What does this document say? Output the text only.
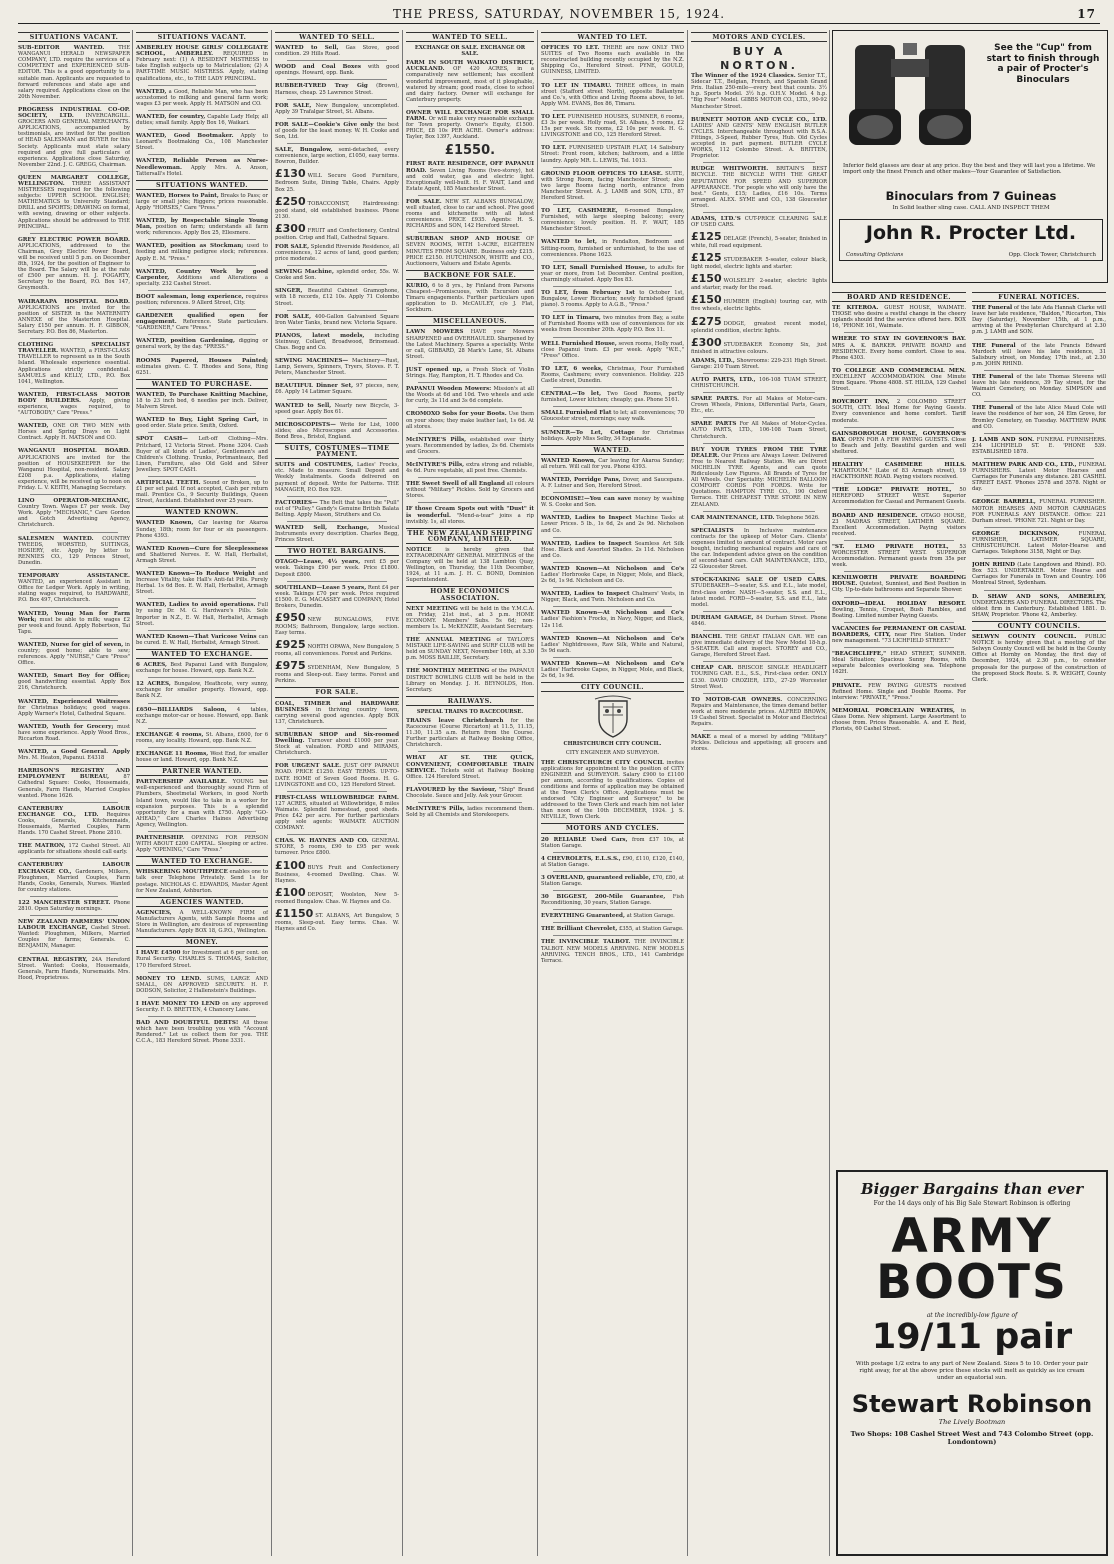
THE PRESS, SATURDAY, NOVEMBER 15, 1924.	17
SITUATIONS VACANT.
SUB-EDITOR WANTED.	THE WANGANUI HERALD NEWSPAPER COMPANY, LTD. require the services of a COMPETENT and EXPERIENCED SUB-EDITOR. This is a good opportunity to a suitable man. Applicants are requested to forward references and state age and salary required. Applications close on the 20th November.
PROGRESS INDUSTRIAL CO-OP. SOCIETY, LTD. INVERCARGILL. GROCERS AND GENERAL MERCHANTS. APPLICATIONS, accompanied by testimonials, are invited for the position of HEAD SALESMAN and BUYER for this Society. Applicants must state salary required and give full particulars of experience. Applications close Saturday, November 22nd. J. C. GREGG, Chairman.
QUEEN MARGARET COLLEGE, WELLINGTON. THREE ASSISTANT MISTRESSES required for the following subjects: UPPER SCHOOL ENGLISH; MATHEMATICS to University Standard; DRILL and SPORTS; DRAWING on formal, with sewing, drawing or other subjects. Applications should be addressed to THE PRINCIPAL.
GREY ELECTRIC POWER BOARD. APPLICATIONS, addressed to the Chairman, Grey Electric Power Board, will be received until 5 p.m. on December 8th, 1924, for the position of Engineer to the Board. The Salary will be at the rate of £500 per annum. H. J. FOGARTY, Secretary to the Board, P.O. Box 147, Greymouth.
WAIRARAPA HOSPITAL BOARD. APPLICATIONS are invited for the position of SISTER in the MATERNITY ANNEXE of the Masterton Hospital. Salary £150 per annum. H. F. GIBBON, Secretary. P.O. Box 86, Masterton.
CLOTHING SPECIALIST TRAVELLER. WANTED, a FIRST-CLASS TRAVELLER to represent us in the South Island. Wholesale experience essential. Applications strictly confidential. SAMUELS and KELLY, LTD., P.O. Box 1041, Wellington.
WANTED, FIRST-CLASS MOTOR BODY BUILDERS. Apply, giving experience, wages required, to "AUTOBODY," Care "Press."
WANTED, ONE OR TWO MEN with Horses and Spring Drays on Light Contract. Apply H. MATSON and CO.
WANGANUI HOSPITAL BOARD. APPLICATIONS are invited for the position of HOUSEKEEPER for the Wanganui Hospital, non-resident. Salary £208 p.a. Applications, stating experience, will be received up to noon on Friday. L. V. KEITH, Managing Secretary.
LINO OPERATOR-MECHANIC, Country Town. Wages £7 per week. Day Work. Apply "MECHANIC," Care Gordon and Gotch Advertising Agency, Christchurch.
SALESMEN WANTED. COUNTRY TWEEDS, WORSTED, SUITINGS, HOSIERY, etc. Apply by letter to RENNIES CO., 129 Princes Street, Dunedin.
TEMPORARY ASSISTANCE. WANTED, an experienced Assistant in Office for Ledger Work. Apply in writing, stating wages required, to HARDWARE, P.O. Box 497, Christchurch.
WANTED, Young Man for Farm Work; must be able to milk; wages £2 per week and found. Apply Robertson, Tai Tapu.
WANTED, Nurse for girl of seven, in country; good home; able to sew; references. Apply "NURSE," Care "Press" Office.
WANTED, Smart Boy for Office; good handwriting essential. Apply Box 216, Christchurch.
WANTED, Experienced Waitresses for Christmas holidays; good wages. Apply Warner's Hotel, Cathedral Square.
WANTED, Youth for Grocery; must have some experience. Apply Wood Bros., Riccarton Road.
WANTED, a Good General. Apply Mrs. M. Heaton, Papanui. E4318
HARRISON'S REGISTRY AND EMPLOYMENT BUREAU,	87 Cathedral Square: Cooks, Housemaids, Generals, Farm Hands, Married Couples wanted. Phone 1626.
CANTERBURY LABOUR EXCHANGE CO., LTD. Requires Cooks, Generals, Kitchenmaids, Housemaids, Married Couples, Farm Hands. 170 Cashel Street. Phone 2810.
THE MATRON, 172 Cashel Street. All applicants for situations should call early.
CANTERBURY LABOUR EXCHANGE CO., Gardeners, Milkers, Ploughmen, Married Couples, Farm Hands, Cooks, Generals, Nurses. Wanted for country stations.
122 MANCHESTER STREET. Phone 2810. Open Saturday mornings.
NEW ZEALAND FARMERS' UNION LABOUR EXCHANGE, Cashel Street. Wanted: Ploughmen, Milkers, Married Couples for farms; Generals. C. BENJAMIN, Manager.
CENTRAL REGISTRY, 24A Hereford Street. Wanted: Cooks, Housemaids, Generals, Farm Hands, Nursemaids. Mrs. Hood, Proprietress.
SITUATIONS VACANT.
AMBERLEY HOUSE GIRLS' COLLEGIATE SCHOOL, AMBERLEY. REQUIRED in February next: (1) A RESIDENT MISTRESS to take English subjects up to Matriculation; (2) A PART-TIME MUSIC MISTRESS. Apply, stating qualifications, etc., to THE LADY PRINCIPAL.
WANTED, a Good, Reliable Man, who has been accustomed to milking and general farm work; wages £3 per week. Apply H. MATSON and CO.
WANTED, for country, Capable Lady Help; all duties; small family. Apply Box 16, Waikari.
WANTED, Good Bootmaker. Apply to Leonard's Bootmaking Co., 108 Manchester Street.
WANTED, Reliable Person as Nurse-Needlewoman. Apply Mrs. A. Anson, Tattersall's Hotel.
SITUATIONS WANTED.
WANTED, Horses to Paint, Breaks to Pass; or large or small jobs; Riggers; prices reasonable. Apply "HORSES," Care "Press."
WANTED, by Respectable Single Young Man, position on farm; understands all farm work; references. Apply Box 25, Ellesmere.
WANTED, position as Stockman; used to feeding and milking pedigree stock; references. Apply E. M. "Press."
WANTED, Country Work by good Carpenter, Additions and Alterations a specialty. 232 Cashel Street.
BOOT salesman, long experience, requires position; references. 9 Allerd Street, City.
GARDENER qualified open for engagement. Reference. State particulars. "GARDENER," Care "Press."
WANTED, position Gardening, digging or general work, by the day. "PRESS."
ROOMS Papered, Houses Painted; estimates given. C. T. Rhodes and Sons, Ring 6251.
WANTED TO PURCHASE.
WANTED, To Purchase Knitting Machine, 18 to 23 inch bed, 6 needles per inch. Deliver, Malvern Street.
WANTED to Buy, Light Spring Cart, in good order. State price. Smith, Oxford.
SPOT CASH— Left-off Clothing—Mrs. Pritchard, 12 Victoria Street. Phone 3204. Cash Buyer of all kinds of Ladies', Gentlemen's and Children's Clothing. Trunks, Portmanteaux, Bed Linen, Furniture, also Old Gold and Silver Jewellery. SPOT CASH.
ARTIFICIAL TEETH. Sound or Broken, up to £1 per set paid. If not accepted, Cash per return mail. Prentice Co., 9 Security Buildings, Queen Street, Auckland. Established over 25 years.
WANTED KNOWN.
WANTED Known, Car leaving for Akaroa Sunday, 18th; room for four or six passengers. Phone 4393.
WANTED Known—Cure for Sleeplessness and Shattered Nerves. E. W. Hall, Herbalist, Armagh Street.
WANTED Known—To Reduce Weight and Increase Vitality, take Hall's Anti-fat Pills. Purely Herbal. 1s 6d Box. E. W. Hall, Herbalist, Armagh Street.
WANTED, Ladies to avoid operations. Full by using Dr. M. G. Hardware's Pills. Sole Importer in N.Z., E. W. Hall, Herbalist, Armagh Street.
WANTED Known—That Varicose Veins can be cured. E. W. Hall, Herbalist, Armagh Street.
WANTED TO EXCHANGE.
6 ACRES, Best Papanui Land with Bungalow, exchange for house. Howard, opp. Bank N.Z.
12 ACRES, Bungalow, Heathcote, very sunny, exchange for smaller property. Howard, opp. Bank N.Z.
£650—BILLIARDS Saloon, 4 tables, exchange motor-car or house. Howard, opp. Bank N.Z.
EXCHANGE 4 rooms, St. Albans, £600, for 6 rooms, any locality. Howard, opp. Bank N.Z.
EXCHANGE 11 Rooms, West End, for smaller house or land. Howard, opp. Bank N.Z.
PARTNER WANTED.
PARTNERSHIP AVAILABLE. YOUNG but well-experienced and thoroughly sound Firm of Plumbers, Sheetmetal Workers, in good North Island town, would like to take in a worker for expansion purposes. This is a splendid opportunity for a man with £750. Apply "GO-AHEAD," Care Charles Haines Advertising Agency, Wellington.
PARTNERSHIP. OPENING FOR PERSON WITH ABOUT £200 CAPITAL. Sleeping or active. Apply "OPENING," Care "Press."
WANTED TO EXCHANGE.
WHISKERING MOUTHPIECE enables one to talk over Telephone Privately. Send 1s for postage. NICHOLAS C. EDWARDS, Master Agent for New Zealand, Ashburton.
AGENCIES WANTED.
AGENCIES, A WELL-KNOWN FIRM of Manufacturers Agents, with Sample Rooms and Store in Wellington, are desirous of representing Manufacturers. Apply BOX 18, G.P.O., Wellington.
MONEY.
I HAVE £4500 for Investment at 6 per cent. on Rural Security. CHARLES S. THOMAS, Solicitor, 170 Hereford Street.
MONEY TO LEND. SUMS, LARGE AND SMALL, ON APPROVED SECURITY. H. F. DODSON, Solicitor, 2 Hallenstein's Buildings.
I HAVE MONEY TO LEND on any approved Security. F. D. BRETTEN, 4 Chancery Lane.
BAD AND DOUBTFUL DEBTS! All those which have been troubling you with "Account Rendered." Let us collect them for you. THE C.C.A., 183 Hereford Street. Phone 3331.
WANTED TO SELL.
WANTED to Sell, Gas Stove, good condition. 29 Hills Road.
WOOD and Coal Boxes with good openings. Howard, opp. Bank.
RUBBER-TYRED Tray Gig (Brown), Harness, cheap. 25 Lawrence Street.
FOR SALE, New Bungalow, uncompleted. Apply 39 Trafalgar Street, St. Albans.
FOR SALE—Cookie's Give only the best of goods for the least money. W. H. Cooke and Son, Ltd.
SALE, Bungalow, semi-detached, every convenience, large section, £1050, easy terms. Bowron, Builder.
£130 WILL Secure Good Furniture, Bedroom Suite, Dining Table, Chairs. Apply Box 25.
£250 TOBACCONIST, Hairdressing: good stand, old established business. Phone 2130.
£300 FRUIT and Confectionery, Central position. Crisp and Hall, Cathedral Square.
FOR SALE, Splendid Riverside Residence, all conveniences, 12 acres of land, good garden; price moderate.
SEWING Machine, splendid order, 55s. W. Cooke and Son.
SINGER, Beautiful Cabinet Gramophone, with 18 records, £12 10s. Apply 71 Colombo Street.
FOR SALE, 400-Gallon Galvanised Square Iron Water Tanks, brand new. Victoria Square.
PIANOS, latest models, including Steinway, Collard, Broadwood, Brinsmead. Chas. Begg and Co.
SEWING MACHINES— Machinery—Rust, Lamp, Sewers, Spinners, Tryers, Stoves. F. T. Peters, Manchester Street.
BEAUTIFUL Dinner Set, 97 pieces, new, £6. Apply 14 Latimer Square.
WANTED to Sell, Nearly new Bicycle, 3-speed gear. Apply Box 61.
MICROSCOPISTS— Write for List, 1000 slides; also Microscopes and Accessories. Bond Bros., Bristol, England.
SUITS, COSTUMES—TIME PAYMENT.
SUITS and COSTUMES, Ladies' Frocks, etc. Made to measure. Small Deposit and Weekly Instalments. Goods delivered on payment of deposit. Write for Patterns. THE MANAGER, P.O. Box 929.
FACTORIES— The Belt that takes the "Pull" out of "Pulley." Gandy's Genuine British Balata Belting. Apply Mason, Struthers and Co.
WANTED Sell, Exchange, Musical Instruments every description. Charles Begg, Princes Street.
TWO HOTEL BARGAINS.
OTAGO—Lease, 4½ years, rent £5 per week. Takings £90 per week. Price £1800. Deposit £800.
SOUTHLAND—Lease 5 years, Rent £4 per week. Takings £70 per week. Price required £1500. E. G. MACASSEY and COMPANY, Hotel Brokers, Dunedin.
£950 NEW BUNGALOWS, FIVE ROOMS; Bathroom, Bungalow, large section. Easy terms.
£925 NORTH OPAWA, New Bungalow, 5 rooms, all conveniences. Forest and Perkins.
£975 SYDENHAM, New Bungalow, 5 rooms and Sleep-out. Easy terms. Forest and Perkins.
FOR SALE.
COAL, TIMBER and HARDWARE BUSINESS in thriving country town, carrying several good agencies. Apply BOX 137, Christchurch.
SUBURBAN SHOP and Six-roomed Dwelling. Turnover about £1000 per year. Stock at valuation. FORD and MIRAMS, Christchurch.
FOR URGENT SALE. JUST OFF PAPANUI ROAD. PRICE £1250. EASY TERMS. UP-TO-DATE HOME of Seven Good Rooms. H. G. LIVINGSTONE and CO., 125 Hereford Street.
FIRST-CLASS WILLOWBRIDGE FARM. 127 ACRES, situated at Willowbridge, 8 miles Waimate. Splendid homestead, good sheds. Price £42 per acre. For further particulars apply sole agents: WAIMATE AUCTION COMPANY.
CHAS. W. HAYNES AND CO. GENERAL STORE, 5 rooms, £90 to £95 per week turnover. Price £800.
£100 BUYS Fruit and Confectionery Business, 4-roomed Dwelling. Chas. W. Haynes.
£100 DEPOSIT, Woolston, New 5-roomed Bungalow. Chas. W. Haynes and Co.
£1150 ST. ALBANS, Art Bungalow, 5 rooms, Sleep-out. Easy terms. Chas. W. Haynes and Co.
WANTED TO SELL.
EXCHANGE OR SALE. EXCHANGE OR SALE.
FARM IN SOUTH WAIKATO DISTRICT, AUCKLAND. OF 420 ACRES, in a comparatively new settlement; has excellent wonderful improvement, most of it ploughable, watered by stream; good roads, close to school and dairy factory. Owner will exchange for Canterbury property.
OWNER WILL EXCHANGE FOR SMALL FARM. Or will make very reasonable exchange for Town property. Owner's Equity, £1500. PRICE, £8 10s PER ACRE. Owner's address: Tayler, Box 1397, Auckland.
£1550.
FIRST RATE RESIDENCE, OFF PAPANUI ROAD. Seven Living Rooms (two-storey), hot and cold water, gas and electric light. Exceptionally well-built. H. F. WAIT, Land and Estate Agent, 185 Manchester Street.
FOR SALE. NEW ST. ALBANS BUNGALOW, well situated, close to car and school. Five good rooms and kitchenette with all latest conveniences. PRICE £935. Agents: H. S. RICHARDS and SON, 142 Hereford Street.
SUBURBAN SHOP AND HOUSE OF SEVEN ROOMS, WITH 1-ACRE, EIGHTEEN MINUTES FROM SQUARE. Business only £215. PRICE £2150. HUTCHINSON, WHITE and CO., Auctioneers, Valuers and Estate Agents.
BACKBONE FOR SALE.
KURIO, 6 to 8 yrs., by Finland from Parsons Cheapest—Promiscuous, with Excursion and Timaru engagements. Further particulars upon application to D. McCAULEY, c/o J. Flat, Sockburn.
MISCELLANEOUS.
LAWN MOWERS HAVE your Mowers SHARPENED and OVERHAULED. Sharpened by the Latest Machinery. Spares a speciality. Write or call, GIBBARD, 28 Mark's Lane, St. Albans Street.
JUST opened up, a Fresh Stock of Violin Strings. Hay, Rampton, H. T. Rhodes and Co.
PAPANUI Wooden Mowers: Mission's at all the Woods at 6d and 10d. Two wheels and axle for curly, 3s 11d and 3s 6d complete.
CROMOXO Sobs for your Boots. Use them on your shoes; they make leather last, 1s 6d. At all stores.
McINTYRE'S Pills, established over thirty years. Recommended by ladies, 2s 6d. Chemists and Grocers.
McINTYRE'S Pills, extra strong and reliable, 4s 6d. Pure vegetable, all post free. Chemists.
THE Sweet Swell of all England all colours without "Military" Pickles. Sold by Grocers and Stores.
IF those Cream Spots out with "Dust" it is wonderful. "Mend-a-tear" joins a rip invisibly. 1s, all stores.
THE NEW ZEALAND SHIPPING COMPANY, LIMITED.
NOTICE	is hereby given that EXTRAORDINARY GENERAL MEETINGS of the Company will be held at 138 Lambton Quay, Wellington, on Thursday, the 11th December, 1924, at 11 a.m. J. H. C. BOND, Dominion Superintendent.
HOME ECONOMICS ASSOCIATION.
NEXT MEETING will be held in the Y.M.C.A. on Friday, 21st inst., at 3 p.m. HOME ECONOMY. Members' Subs. 5s 6d; non-members 1s. L. McKENZIE, Assistant Secretary.
THE ANNUAL MEETING of TAYLOR'S MISTAKE LIFE-SAVING and SURF CLUB will be held on SUNDAY NEXT, November 16th, at 3.30 p.m. MOSS BAILLIE, Secretary.
THE MONTHLY MEETING of the PAPANUI DISTRICT BOWLING CLUB will be held in the Library on Monday. J. H. BEYNOLDS, Hon. Secretary.
RAILWAYS.
SPECIAL TRAINS TO RACECOURSE.
TRAINS leave Christchurch for the Racecourse (Course Riccarton) at 11.5, 11.15, 11.30, 11.35 a.m. Return from the Course. Further particulars at Railway Booking Office, Christchurch.
WHAT AT ST. THE QUICK, CONVENIENT, COMFORTABLE TRAIN SERVICE. Tickets sold at Railway Booking Office. 124 Hereford Street.
FLAVOURED by the Saviour, "Ship" Brand Chocolate. Sauce and Jelly. Ask your Grocer.
McINTYRE'S Pills, ladies recommend them. Sold by all Chemists and Storekeepers.
WANTED TO LET.
OFFICES TO LET. THERE are now ONLY TWO SUITES of Two Rooms each available in the reconstructed building recently occupied by the N.Z. Shipping Co., Hereford Street. PYNE, GOULD, GUINNESS, LIMITED.
TO LET IN TIMARU. THREE offices, in main street (Stafford street North), opposite Ballantyne and Co.'s, with Office and Living Rooms above, to let. Apply WM. EVANS, Box 86, Timaru.
TO LET. FURNISHED HOUSES, SUMNER, 6 rooms, £3 3s per week. Holly road, St. Albans, 5 rooms, £2 15s per week. Six rooms, £2 10s per week. H. G. LIVINGSTONE and CO., 125 Hereford Street.
TO LET. FURNISHED UPSTAIR FLAT, 14 Salisbury Street: Front room, kitchen; bathroom, and a little laundry. Apply MR. L. LEWIS, Tel. 1013.
GROUND FLOOR OFFICES TO LEASE. SUITE, with Strong Room, facing Manchester Street; also two large Rooms facing north, entrance from Manchester Street. A. J. LAMB and SON, LTD., 87 Hereford Street.
TO LET, CASHMERE, 6-roomed Bungalow, Furnished, with large sleeping balcony; every convenience; lovely position. H. F. WAIT, 185 Manchester Street.
WANTED to let, in Fendalton, Bedroom and Sitting-room, furnished or unfurnished, to the use of conveniences. Phone 1623.
TO LET, Small Furnished House, to adults for year or more, from 1st December. Central position, charmingly situated. Apply Box 83.
TO LET, from February 1st to October 1st, Bungalow, Lower Riccarton; newly furnished (grand piano). 5 rooms. Apply to A.G.B., "Press."
TO LET in Timaru, two minutes from Bay, a suite of Furnished Rooms with use of conveniences for six weeks from December 20th. Apply P.O. Box 11.
WELL Furnished House, seven rooms, Holly road, close Papanui tram. £3 per week. Apply "W.E.," "Press" Office.
TO LET, 6 weeks, Christmas, Four Furnished Rooms, Cashmere; every convenience. Holiday. 225 Castle street, Dunedin.
CENTRAL—To let, Two Good Rooms, partly furnished, Lower kitchen; cheaply; gas. Phone 5161.
SMALL Furnished Flat to let; all conveniences; 70 Gloucester street, mornings; easy walk.
SUMNER—To Let, Cottage for Christmas holidays. Apply Miss Selby, 34 Esplanade.
WANTED.
WANTED Known, Car leaving for Akaroa Sunday; all return. Will call for you. Phone 4393.
WANTED, Porridge Pans, Dover, and Saucepans. A. F. Lutner and Son, Hereford Street.
ECONOMISE!—You can save money by washing W. S. Cooke and Son.
WANTED, Ladies to Inspect Machine Tasks at Lower Prices. 5 lb., 1s 6d, 2s and 2s 9d. Nicholson and Co.
WANTED, Ladies to Inspect Seamless Art Silk Hose. Black and Assorted Shades. 2s 11d. Nicholson and Co.
WANTED Known—At Nicholson and Co's Ladies' Horbrooke Cape, in Nigger, Mole, and Black, 2s 6d, 1s 9d. Nicholson and Co.
WANTED, Ladies to Inspect Chalmers' Vests, in Nigger, Black, and Twin. Nicholson and Co.
WANTED Known—At Nicholson and Co's Ladies' Fashion's Frocks, in Navy, Nigger, and Black, 12s 11d.
WANTED Known—At Nicholson and Co's Ladies' Nightdresses, Raw Silk, White and Natural, 5s 9d each.
WANTED Known—At Nicholson and Co's Ladies' Harbrooke Capes, in Nigger, Mole, and Black, 2s 6d, 1s 9d.
CITY COUNCIL.
CHRISTCHURCH CITY COUNCIL.
CITY ENGINEER AND SURVEYOR.
THE CHRISTCHURCH CITY COUNCIL invites applications for appointment to the position of CITY ENGINEER and SURVEYOR. Salary £900 to £1100 per annum, according to qualifications. Copies of conditions and forms of application may be obtained at the Town Clerk's Office. Applications must be endorsed "City Engineer and Surveyor," to be addressed to the Town Clerk and reach him not later than noon of the 10th DECEMBER, 1924. J. S. NEVILLE, Town Clerk.
MOTORS AND CYCLES.
20 RELIABLE Used Cars, from £37 10s, at Station Garage.
4 CHEVROLETS, E.L.S.S., £90, £110, £120, £140, at Station Garage.
3 OVERLAND, guaranteed reliable, £70, £80, at Station Garage.
30 BIGGEST, 200-Mile Guarantee, Fish Reconditioning, 30 years, Station Garage.
EVERYTHING Guaranteed, at Station Garage.
THE Brilliant Chevrolet, £355, at Station Garage.
THE INVINCIBLE TALBOT. THE INVINCIBLE TALBOT. NEW MODELS ARRIVING. NEW MODELS ARRIVING. TENCH BROS., LTD., 141 Cambridge Terrace.
MOTORS AND CYCLES.
BUY A NORTON.
The Winner of the 1924 Classics. Senior T.T., Sidecar T.T., Belgian, French, and Spanish Grand Prix. Italian 250-mile—every best that counts. 3½ h.p. Sports Model. 3½ h.p. O.H.V. Model. 4 h.p. "Big Four" Model. GIBBS MOTOR CO., LTD., 90-92 Manchester Street.
BURNETT MOTOR AND CYCLE CO., LTD. LADIES' AND GENTS' NEW ENGLISH BUTLER CYCLES. Interchangeable throughout with B.S.A. Fittings, 3-Speed, Rubber Tyres, Hub. Old Cycles accepted in part payment. BUTLER CYCLE WORKS, 112 Colombo Street. A. BRITTEN, Proprietor.
RUDGE WHITWORTH. BRITAIN'S BEST BICYCLE. THE BICYCLE WITH THE GREAT REPUTATION FOR SPEED AND SUPERIOR APPEARANCE. "For people who will only have the best." Gents, £15; Ladies, £16 10s. Terms arranged. ALEX. SYME and CO., 138 Gloucester Street.
ADAMS, LTD.'S CUT-PRICE CLEARING SALE OF USED CARS.
£125 DELAGE (French), 5-seater, finished in white, full road equipment.
£125 STUDEBAKER 5-seater, colour black, light model, electric lights and starter.
£150 WOLSELEY 2-seater, electric lights and starter, ready for the road.
£150 HUMBER (English) touring car, with five wheels, electric lights.
£275 DODGE, greatest recent model, splendid condition, electric lights.
£300 STUDEBAKER Economy Six, just finished in attractive colours.
ADAMS, LTD., Showrooms: 229-231 High Street. Garage: 210 Tuam Street.
AUTO PARTS, LTD., 106-108 TUAM STREET, CHRISTCHURCH.
SPARE PARTS. For all Makes of Motor-cars. Crown Wheels, Pinions, Differential Parts, Gears, Etc., etc.
SPARE PARTS For All Makes of Motor-Cycles. AUTO PARTS, LTD., 106-108 Tuam Street, Christchurch.
BUY YOUR TYRES FROM THE TYRE DEALER. Our Prices are Always Lower. Delivered Free to Nearest Railway Station. We are Direct MICHELIN TYRE Agents, and can quote Ridiculously Low Figures. All Brands of Tyres for All Wheels. Our Speciality: MICHELIN BALLOON COMFORT CORDS FOR FORDS. Write for Quotations. HAMPTON TYRE CO., 190 Oxford Terrace. THE CHEAPEST TYRE STORE IN NEW ZEALAND.
CAR MAINTENANCE, LTD. Telephone 5626.
SPECIALISTS In Inclusive maintenance contracts for the upkeep of Motor Cars. Clients' expenses limited to amount of contract. Motor cars bought, including mechanical repairs and care of the car. Independent advice given on the condition of second-hand cars. CAR MAINTENANCE, LTD., 22 Gloucester Street.
STOCK-TAKING SALE OF USED CARS. STUDEBAKER—5-seater, S.S. and E.L., late model, first-class order. NASH—5-seater, S.S. and E.L., latest model. FORD—5-seater, S.S. and E.L., late model.
DURHAM GARAGE, 84 Durham Street. Phone 4846.
BIANCHI. THE GREAT ITALIAN CAR. WE can give immediate delivery of the New Model 18-h.p. 5-SEATER. Call and inspect. STOREY and CO., Garage, Hereford Street East.
CHEAP CAR. BRISCOE SINGLE HEADLIGHT TOURING CAR. E.L., S.S., First-class order. ONLY £330. DAVID CROZIER, LTD., 27-29 Worcester Street West.
TO MOTOR-CAR OWNERS. CONCERNING Repairs and Maintenance, the times demand better work at more moderate prices. ALFRED BROWN, 19 Cashel Street. Specialist in Motor and Electrical Repairs.
MAKE a meal of a morsel by adding "Military" Pickles. Delicious and appetising; all grocers and stores.
See the "Cup" from start to finish through a pair of Procter's Binoculars
Inferior field glasses are dear at any price. Buy the best and they will last you a lifetime. We import only the finest French and other makes—Your Guarantee of Satisfaction.
Binoculars from 7 Guineas
In Solid leather sling case. CALL AND INSPECT THEM
John R. Procter Ltd.
Consulting Opticians	Opp. Clock Tower, Christchurch
BOARD AND RESIDENCE.
TE KITEROA. GUEST HOUSE, WAIMATE. THOSE who desire a restful change in the cheery uplands should find the service offered here. BOX 16, 'PHONE 161, Waimate.
WHERE TO STAY IN GOVERNOR'S BAY. MRS A. K. BARKER. PRIVATE BOARD and RESIDENCE. Every home comfort. Close to sea. Phone 4303.
TO COLLEGE AND COMMERCIAL MEN. EXCELLENT ACCOMMODATION. One Minute from Square. 'Phone 4808. ST. HILDA, 129 Cashel Street.
ROYCROFT INN, 2 COLOMBO STREET SOUTH, CITY. Ideal Home for Paying Guests. Every convenience and home comfort. Tariff moderate.
GAINSBOROUGH HOUSE, GOVERNOR'S BAY. OPEN FOR A FEW PAYING GUESTS. Close to Beach and Jetty. Beautiful garden and well sheltered.
HEALTHY CASHMERE HILLS. "KHARTOUM." (Late of 83 Armagh street), 19 HACKTHORNE ROAD. Paying visitors received.
"THE LODGE" PRIVATE HOTEL, 50 HEREFORD STREET WEST. Superior Accommodation for Casual and Permanent Guests.
BOARD AND RESIDENCE. OTAGO HOUSE, 23 MADRAS STREET, LATIMER SQUARE. Excellent Accommodation. Paying visitors received.
"ST. ELMO PRIVATE HOTEL, 53 WORCESTER STREET WEST. SUPERIOR Accommodation. Permanent guests from 35s per week.
KENILWORTH PRIVATE BOARDING HOUSE. Quietest, Sunniest, and Best Position in City. Up-to-date bathrooms and Separate Shower.
OXFORD—IDEAL HOLIDAY RESORT. Bowling, Tennis, Croquet, Bush Rambles, and Boating. Limited number Paying Guests.
VACANCIES for PERMANENT OR CASUAL BOARDERS, CITY, near Fire Station. Under new management. "73 LICHFIELD STREET."
"BEACHCLIFFE," HEAD STREET, SUMNER. Ideal Situation; Spacious Sunny Rooms, with separate balconies overlooking sea. Telephone 162H.
PRIVATE. FEW PAYING GUESTS received Refined Home. Single and Double Rooms. For interview: "PRIVATE," "Press."
MEMORIAL PORCELAIN WREATHS, in Glass Dome. New shipment. Large Assortment to choose from. Prices Reasonable. A. and E. Reid, Florists, 60 Cashel Street.
FUNERAL NOTICES.
THE Funeral of the late Ada Hannah Clarke will leave her late residence, "Baldon," Riccarton, This Day (Saturday), November 15th, at 1 p.m., arriving at the Presbyterian Churchyard at 2.30 p.m. J. LAMB and SON.
THE Funeral of the late Francis Edward Murdoch will leave his late residence, 31 Salisbury street, on Monday, 17th inst., at 2.30 p.m. JOHN RHIND.
THE Funeral of the late Thomas Stevens will leave his late residence, 39 Tay street, for the Waimairi Cemetery, on Monday. SIMPSON and CO.
THE Funeral of the late Alice Maud Cole will leave the residence of her son, 24 Elm Grove, for Bromley Cemetery, on Tuesday. MATTHEW PARK and CO.
J. LAMB AND SON. FUNERAL FURNISHERS. 234 LICHFIELD ST. E. 'PHONE 539. ESTABLISHED 1878.
MATTHEW PARK AND CO., LTD., FUNERAL FURNISHERS. Latest Motor Hearses and Carriages for Funerals any distance. 281 CASHEL STREET EAST. 'Phones 2578 and 3578. Night or day.
GEORGE BARRELL, FUNERAL FURNISHER. MOTOR HEARSES AND MOTOR CARRIAGES FOR FUNERALS ANY DISTANCE. Office: 221 Durham street. 'PHONE 721. Night or Day.
GEORGE DICKINSON,	FUNERAL FURNISHER, LATIMER SQUARE, CHRISTCHURCH. Latest Motor-Hearse and Carriages. Telephone 3158, Night or Day.
JOHN RHIND (Late Langdown and Rhind). P.O. Box 523. UNDERTAKER. Motor Hearse and Carriages for Funerals in Town and Country. 106 Montreal Street, Sydenham.
D. SHAW AND SONS, AMBERLEY, UNDERTAKERS AND FUNERAL DIRECTORS. The oldest firm in Canterbury. Established 1881. D. SHAW, Proprietor. 'Phone 42, Amberley.
COUNTY COUNCILS.
SELWYN COUNTY COUNCIL. PUBLIC NOTICE is hereby given that a meeting of the Selwyn County Council will be held in the County Office at Hornby on Monday, the first day of December, 1924, at 2.30 p.m., to consider proposals for the purpose of the construction of the proposed Stock Route. S. R. WEIGHT, County Clerk.
Bigger Bargains than ever
For the 14 days only of his Big Sale Stewart Robinson is offering
ARMY
BOOTS
at the incredibly-low figure of
19/11 pair
With postage 1/2 extra to any part of New Zealand. Sizes 5 to 10. Order your pair right away, for at the above price these stocks will melt as quickly as ice cream under an equatorial sun.
Stewart Robinson
The Lively Bootman
Two Shops: 108 Cashel Street West and 743 Colombo Street (opp. Londontown)
